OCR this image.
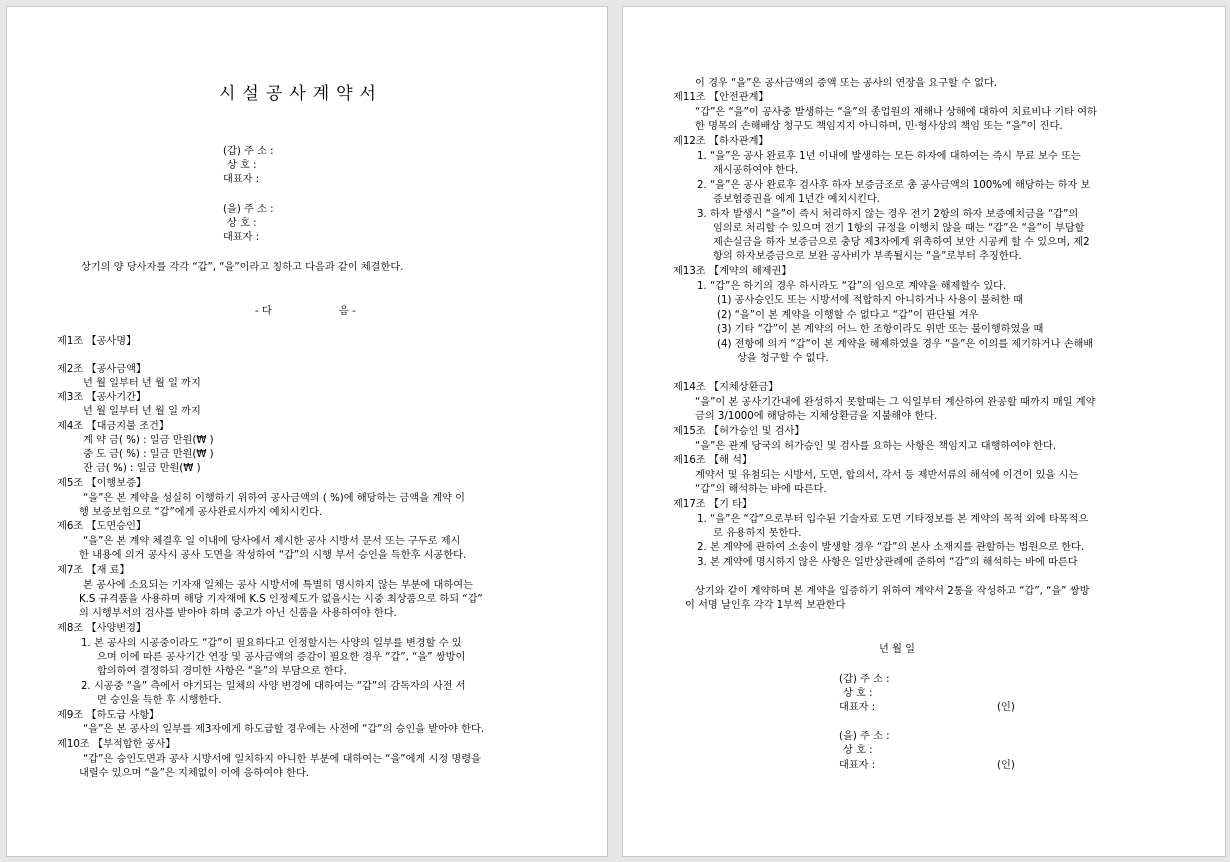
시설공사계약서
(갑) 주 소 :
상 호 :
대표자 :
(을) 주 소 :
상 호 :
대표자 :
상기의 양 당사자를 각각 “갑”, “을”이라고 칭하고 다음과 같이 체결한다.
- 다	음 -
제1조 【공사명】
제2조 【공사금액】
년 월 일부터 년 월 일 까지
제3조 【공사기간】
년 월 일부터 년 월 일 까지
제4조 【대금지불 조건】
계 약 금( %) : 일금 만원(₩ )
중 도 금( %) : 일금 만원(₩ )
잔 금( %) : 일금 만원(₩ )
제5조 【이행보증】
“을”은 본 계약을 성실히 이행하기 위하여 공사금액의 ( %)에 해당하는 금액을 계약 이
행 보증보험으로 “갑”에게 공사완료시까지 예치시킨다.
제6조 【도면승인】
“을”은 본 계약 체결후 일 이내에 당사에서 제시한 공사 시방서 문서 또는 구두로 제시
한 내용에 의거 공사시 공사 도면을 작성하여 “갑”의 시행 부서 승인을 득한후 시공한다.
제7조 【재 료】
본 공사에 소요되는 기자재 일체는 공사 시방서에 특별히 명시하지 않는 부분에 대하여는
K.S 규격품을 사용하며 해당 기자재에 K.S 인정제도가 없을시는 시중 최상품으로 하되 “갑”
의 시행부서의 검사를 받아야 하며 중고가 아닌 신품을 사용하여야 한다.
제8조 【사양변경】
1. 본 공사의 시공중이라도 “갑”이 필요하다고 인정할시는 사양의 일부를 변경할 수 있
으며 이에 따른 공사기간 연장 및 공사금액의 증감이 필요한 경우 “갑”, “을” 쌍방이
합의하여 결정하되 경미한 사항은 “을”의 부담으로 한다.
2. 시공중 “을” 측에서 야기되는 일체의 사양 변경에 대하여는 “갑”의 감독자의 사전 서
면 승인을 득한 후 시행한다.
제9조 【하도급 사항】
“을”은 본 공사의 일부를 제3자에게 하도급할 경우에는 사전에 “갑”의 승인을 받아야 한다.
제10조 【부적합한 공사】
“갑”은 승인도면과 공사 시방서에 일치하지 아니한 부분에 대하여는 “을”에게 시정 명령을
내릴수 있으며 “을”은 지체없이 이에 응하여야 한다.
이 경우 “을”은 공사금액의 증액 또는 공사의 연장을 요구할 수 없다.
제11조 【안전관계】
“갑”은 “을”이 공사중 발생하는 “을”의 종업원의 재해나 상해에 대하여 치료비나 기타 여하
한 명목의 손해배상 청구도 책임지지 아니하며, 민·형사상의 책임 또는 “을”이 진다.
제12조 【하자관계】
1. “을”은 공사 완료후 1년 이내에 발생하는 모든 하자에 대하여는 즉시 무료 보수 또는
재시공하여야 한다.
2. “을”은 공사 완료후 검사후 하자 보증금조로 총 공사금액의 100%에 해당하는 하자 보
증보험증권을 에게 1년간 예치시킨다.
3. 하자 발생시 “을”이 즉시 처리하지 않는 경우 전기 2항의 하자 보증예치금을 “갑”의
임의로 처리할 수 있으며 전기 1항의 규정을 이행치 않을 때는 “갑”은 “을”이 부담할
제손실금을 하자 보증금으로 충당 제3자에게 위촉하여 보안 시공케 할 수 있으며, 제2
항의 하자보증금으로 보완 공사비가 부족될시는 “을”로부터 추징한다.
제13조 【계약의 해제권】
1. “갑”은 하기의 경우 하시라도 “갑”의 임으로 계약을 해제할수 있다.
(1) 공사승인도 또는 시방서에 적합하지 아니하거나 사용이 불허한 때
(2) “을”이 본 계약을 이행할 수 없다고 “갑”이 판단될 겨우
(3) 기타 “갑”이 본 계약의 어느 한 조항이라도 위반 또는 불이행하였을 때
(4) 전항에 의거 “갑”이 본 계약을 해제하였을 경우 “을”은 이의를 제기하거나 손해배
상을 청구할 수 없다.
제14조 【지체상환금】
“을”이 본 공사기간내에 완성하지 못할때는 그 익일부터 계산하여 완공할 때까지 매일 계약
금의 3/1000에 해당하는 지체상환금을 지불해야 한다.
제15조 【허가승인 및 검사】
“을”은 관계 당국의 허가승인 및 검사를 요하는 사항은 책임지고 대행하여야 한다.
제16조 【해 석】
계약서 및 유첨되는 시방서, 도면, 합의서, 각서 등 제반서류의 해석에 이견이 있을 시는
“갑”의 해석하는 바에 따른다.
제17조 【기 타】
1. “을”은 “갑”으로부터 입수된 기술자료 도면 기타정보를 본 계약의 목적 외에 타목적으
로 유용하지 못한다.
2. 본 계약에 관하여 소송이 발생할 경우 “갑”의 본사 소재지를 관할하는 법원으로 한다.
3. 본 계약에 명시하지 않은 사항은 일반상관례에 준하여 “갑”의 해석하는 바에 따른다
상기와 같이 계약하며 본 계약을 입증하기 위하여 계약서 2통을 작성하고 “갑”, “을” 쌍방
이 서명 날인후 각각 1부씩 보관한다
년 월 일
(갑) 주 소 :
상 호 :
대표자 :	(인)
(을) 주 소 :
상 호 :
대표자 :	(인)
